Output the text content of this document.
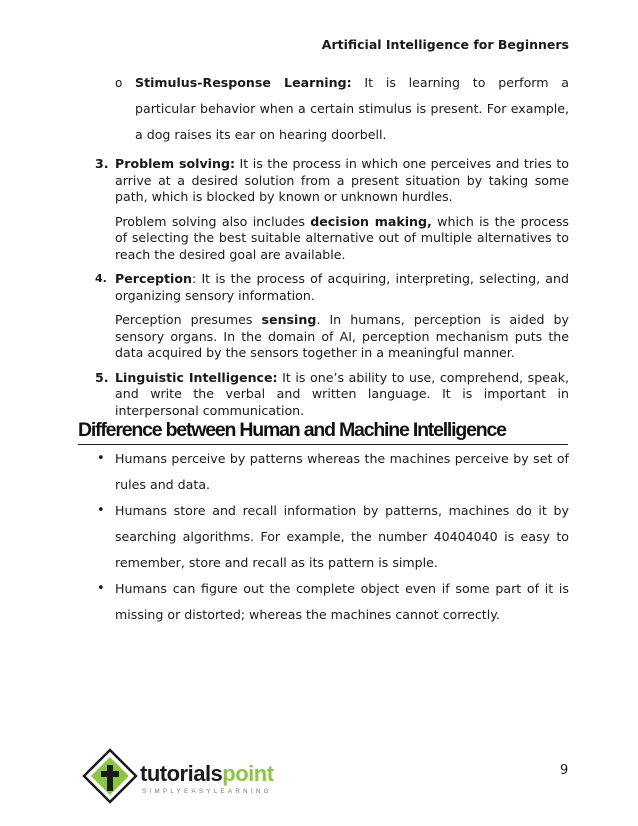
Artificial Intelligence for Beginners
o Stimulus-Response Learning: It is learning to perform a particular behavior when a certain stimulus is present. For example, a dog raises its ear on hearing doorbell.
3. Problem solving: It is the process in which one perceives and tries to arrive at a desired solution from a present situation by taking some path, which is blocked by known or unknown hurdles.

Problem solving also includes decision making, which is the process of selecting the best suitable alternative out of multiple alternatives to reach the desired goal are available.

4. Perception: It is the process of acquiring, interpreting, selecting, and organizing sensory information.

Perception presumes sensing. In humans, perception is aided by sensory organs. In the domain of AI, perception mechanism puts the data acquired by the sensors together in a meaningful manner.

5. Linguistic Intelligence: It is one’s ability to use, comprehend, speak, and write the verbal and written language. It is important in interpersonal communication.

Difference between Human and Machine Intelligence
• Humans perceive by patterns whereas the machines perceive by set of rules and data.
• Humans store and recall information by patterns, machines do it by searching algorithms. For example, the number 40404040 is easy to remember, store and recall as its pattern is simple.
• Humans can figure out the complete object even if some part of it is missing or distorted; whereas the machines cannot correctly.
tutorialspoint
SIMPLYEASYLEARNING
9
